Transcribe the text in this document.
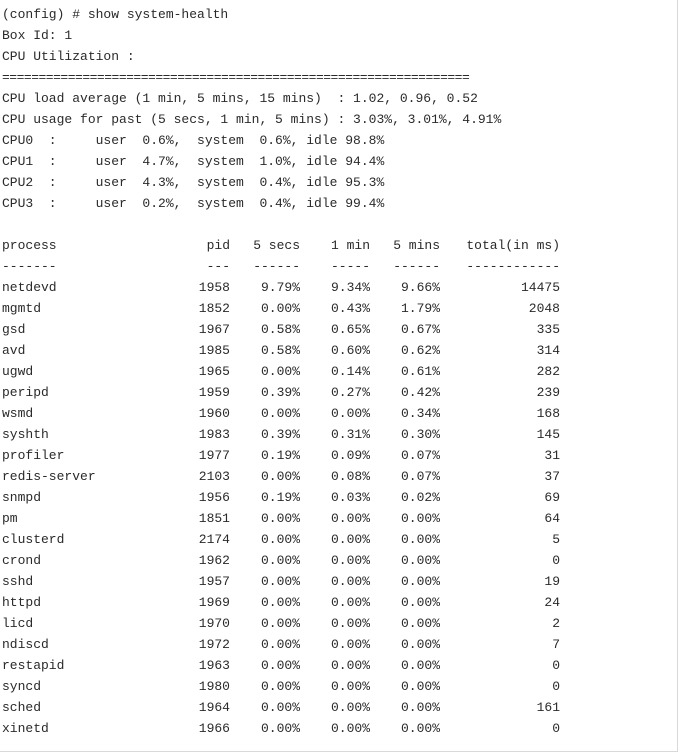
(config) # show system-health
Box Id: 1
CPU Utilization :
================================================================
CPU load average (1 min, 5 mins, 15 mins)  : 1.02, 0.96, 0.52
CPU usage for past (5 secs, 1 min, 5 mins) : 3.03%, 3.01%, 4.91%
CPU0  :     user  0.6%,  system  0.6%, idle 98.8%
CPU1  :     user  4.7%,  system  1.0%, idle 94.4%
CPU2  :     user  4.3%,  system  0.4%, idle 95.3%
CPU3  :     user  0.2%,  system  0.4%, idle 99.4%

process	pid	5 secs	1 min	5 mins	total(in ms)
-------	---	------	-----	------	------------
netdevd	1958	9.79%	9.34%	9.66%	14475
mgmtd	1852	0.00%	0.43%	1.79%	2048
gsd	1967	0.58%	0.65%	0.67%	335
avd	1985	0.58%	0.60%	0.62%	314
ugwd	1965	0.00%	0.14%	0.61%	282
peripd	1959	0.39%	0.27%	0.42%	239
wsmd	1960	0.00%	0.00%	0.34%	168
syshth	1983	0.39%	0.31%	0.30%	145
profiler	1977	0.19%	0.09%	0.07%	31
redis-server	2103	0.00%	0.08%	0.07%	37
snmpd	1956	0.19%	0.03%	0.02%	69
pm	1851	0.00%	0.00%	0.00%	64
clusterd	2174	0.00%	0.00%	0.00%	5
crond	1962	0.00%	0.00%	0.00%	0
sshd	1957	0.00%	0.00%	0.00%	19
httpd	1969	0.00%	0.00%	0.00%	24
licd	1970	0.00%	0.00%	0.00%	2
ndiscd	1972	0.00%	0.00%	0.00%	7
restapid	1963	0.00%	0.00%	0.00%	0
syncd	1980	0.00%	0.00%	0.00%	0
sched	1964	0.00%	0.00%	0.00%	161
xinetd	1966	0.00%	0.00%	0.00%	0
